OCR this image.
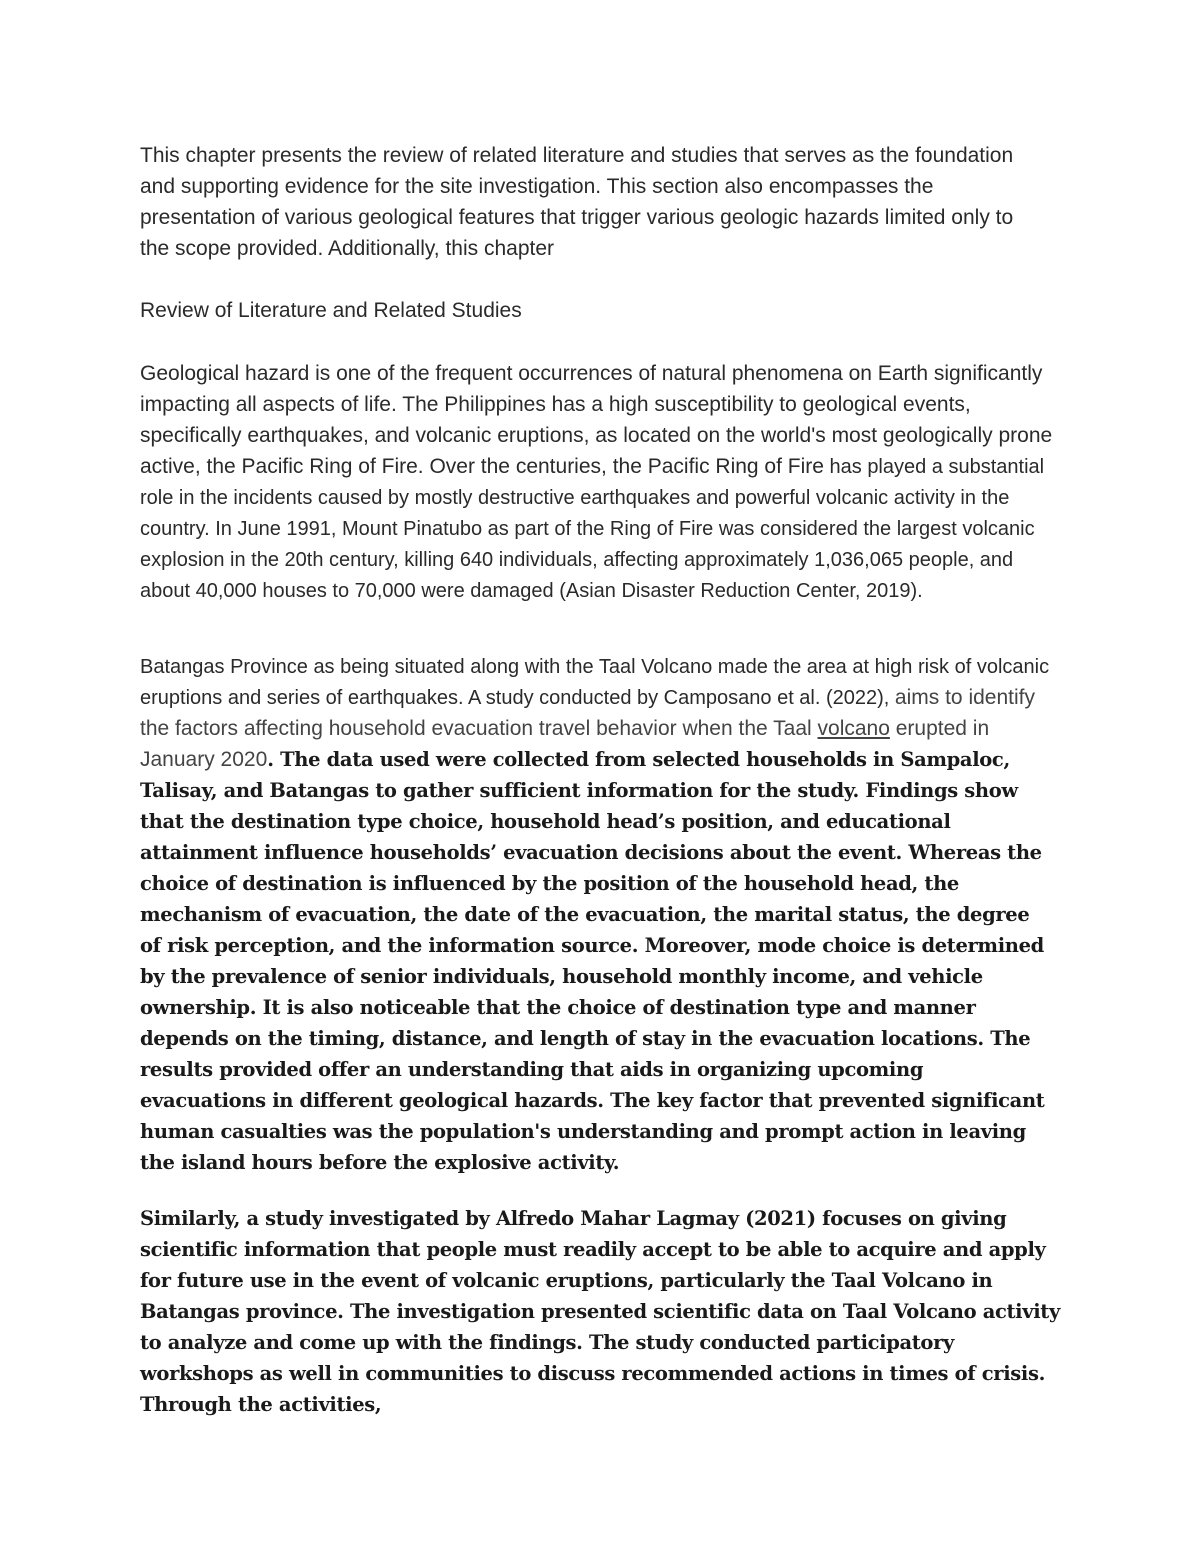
This chapter presents the review of related literature and studies that serves as the foundation and supporting evidence for the site investigation. This section also encompasses the presentation of various geological features that trigger various geologic hazards limited only to the scope provided. Additionally, this chapter

Review of Literature and Related Studies

Geological hazard is one of the frequent occurrences of natural phenomena on Earth significantly impacting all aspects of life. The Philippines has a high susceptibility to geological events, specifically earthquakes, and volcanic eruptions, as located on the world's most geologically prone active, the Pacific Ring of Fire. Over the centuries, the Pacific Ring of Fire has played a substantial role in the incidents caused by mostly destructive earthquakes and powerful volcanic activity in the country. In June 1991, Mount Pinatubo as part of the Ring of Fire was considered the largest volcanic explosion in the 20th century, killing 640 individuals, affecting approximately 1,036,065 people, and about 40,000 houses to 70,000 were damaged (Asian Disaster Reduction Center, 2019).

Batangas Province as being situated along with the Taal Volcano made the area at high risk of volcanic eruptions and series of earthquakes. A study conducted by Camposano et al. (2022), aims to identify the factors affecting household evacuation travel behavior when the Taal volcano erupted in January 2020. The data used were collected from selected households in Sampaloc, Talisay, and Batangas to gather sufficient information for the study. Findings show that the destination type choice, household head’s position, and educational attainment influence households’ evacuation decisions about the event. Whereas the choice of destination is influenced by the position of the household head, the mechanism of evacuation, the date of the evacuation, the marital status, the degree of risk perception, and the information source. Moreover, mode choice is determined by the prevalence of senior individuals, household monthly income, and vehicle ownership. It is also noticeable that the choice of destination type and manner depends on the timing, distance, and length of stay in the evacuation locations. The results provided offer an understanding that aids in organizing upcoming evacuations in different geological hazards. The key factor that prevented significant human casualties was the population's understanding and prompt action in leaving the island hours before the explosive activity.

Similarly, a study investigated by Alfredo Mahar Lagmay (2021) focuses on giving scientific information that people must readily accept to be able to acquire and apply for future use in the event of volcanic eruptions, particularly the Taal Volcano in Batangas province. The investigation presented scientific data on Taal Volcano activity to analyze and come up with the findings. The study conducted participatory workshops as well in communities to discuss recommended actions in times of crisis. Through the activities,
